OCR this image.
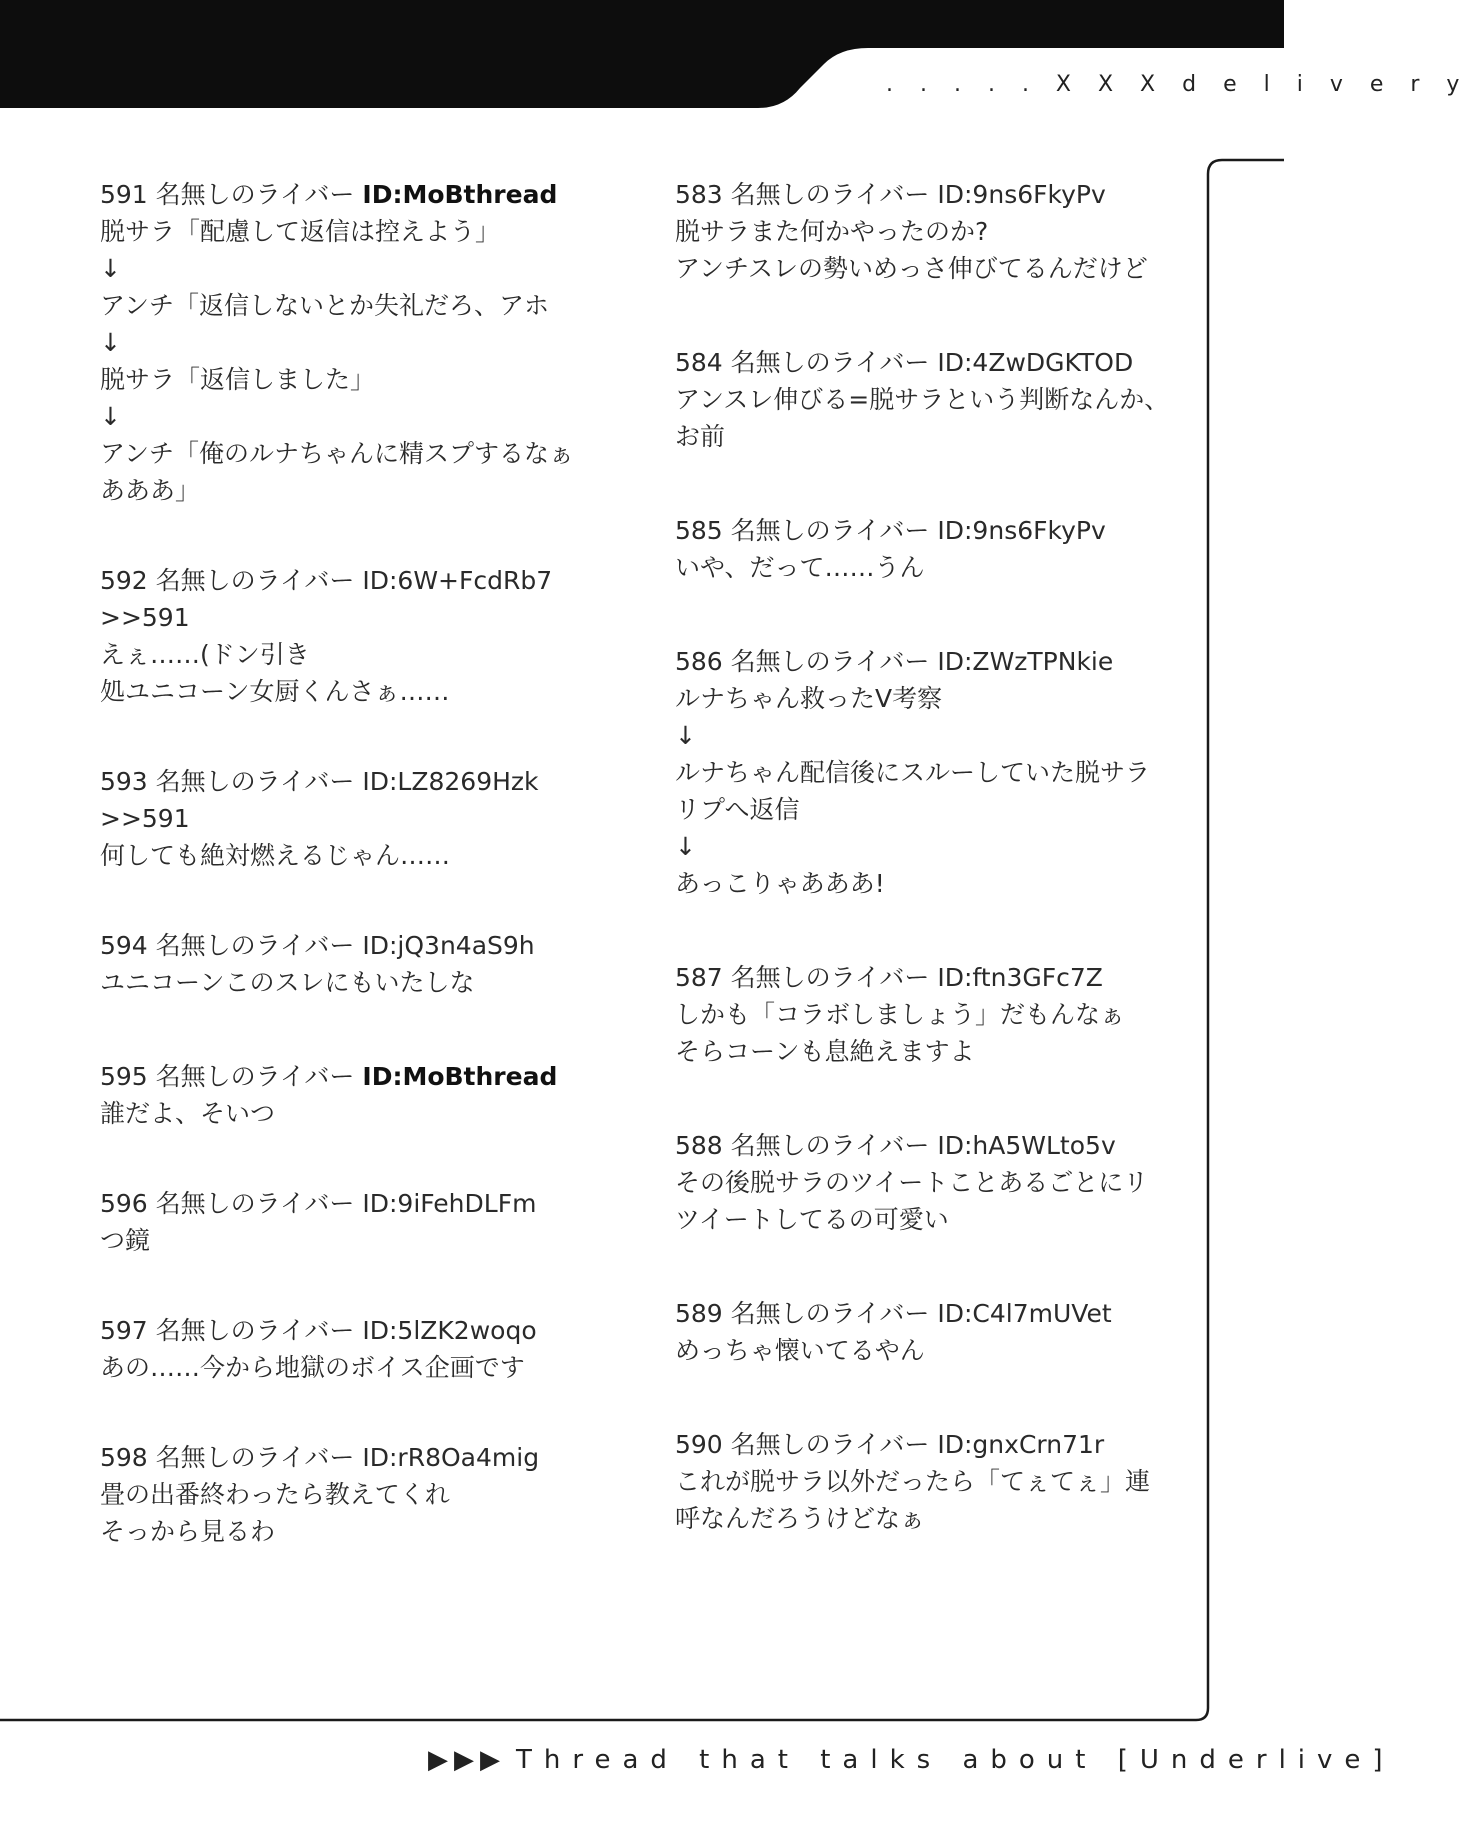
. . . . . X X X d e l i v e r y
591 名無しのライバー ID:MoBthread
脱サラ「配慮して返信は控えよう」
↓
アンチ「返信しないとか失礼だろ、アホ
↓
脱サラ「返信しました」
↓
アンチ「俺のルナちゃんに精スプするなぁ
あああ」
592 名無しのライバー ID:6W+FcdRb7
>>591
えぇ……(ドン引き
処ユニコーン女厨くんさぁ……
593 名無しのライバー ID:LZ8269Hzk
>>591
何しても絶対燃えるじゃん……
594 名無しのライバー ID:jQ3n4aS9h
ユニコーンこのスレにもいたしな
595 名無しのライバー ID:MoBthread
誰だよ、そいつ
596 名無しのライバー ID:9iFehDLFm
つ鏡
597 名無しのライバー ID:5lZK2woqo
あの……今から地獄のボイス企画です
598 名無しのライバー ID:rR8Oa4mig
畳の出番終わったら教えてくれ
そっから見るわ
583 名無しのライバー ID:9ns6FkyPv
脱サラまた何かやったのか?
アンチスレの勢いめっさ伸びてるんだけど
584 名無しのライバー ID:4ZwDGKTOD
アンスレ伸びる=脱サラという判断なんか、
お前
585 名無しのライバー ID:9ns6FkyPv
いや、だって……うん
586 名無しのライバー ID:ZWzTPNkie
ルナちゃん救ったV考察
↓
ルナちゃん配信後にスルーしていた脱サラ
リプへ返信
↓
あっこりゃあああ!
587 名無しのライバー ID:ftn3GFc7Z
しかも「コラボしましょう」だもんなぁ
そらコーンも息絶えますよ
588 名無しのライバー ID:hA5WLto5v
その後脱サラのツイートことあるごとにリ
ツイートしてるの可愛い
589 名無しのライバー ID:C4l7mUVet
めっちゃ懐いてるやん
590 名無しのライバー ID:gnxCrn71r
これが脱サラ以外だったら「てぇてぇ」連
呼なんだろうけどなぁ
▶▶▶ Thread that talks about [Underlive]
